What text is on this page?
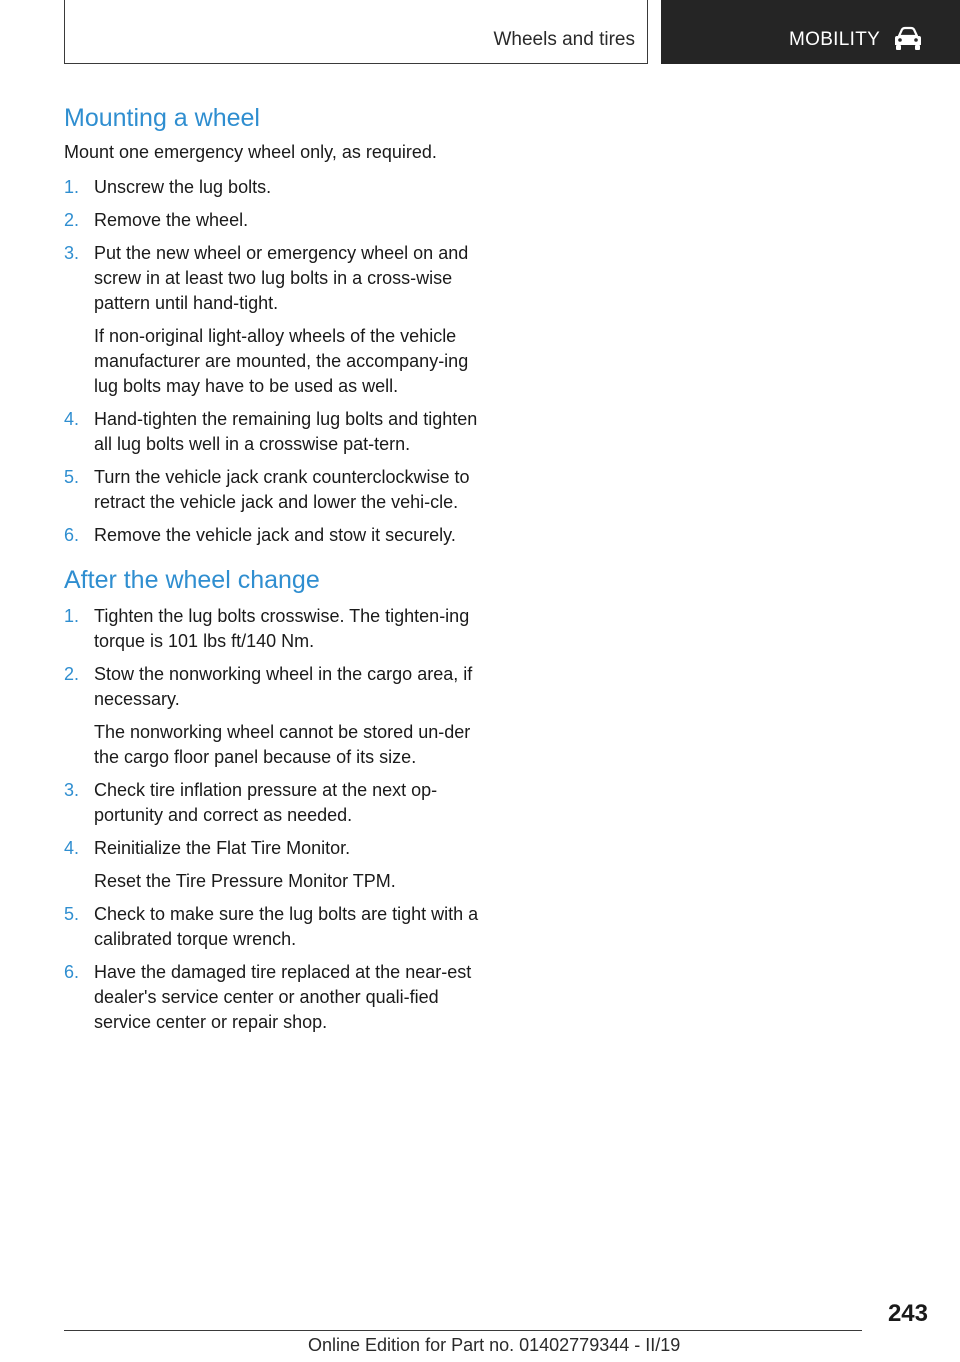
Wheels and tires	MOBILITY
Mounting a wheel

Mount one emergency wheel only, as required.

1. Unscrew the lug bolts.
2. Remove the wheel.
3. Put the new wheel or emergency wheel on and screw in at least two lug bolts in a cross-wise pattern until hand-tight.
If non-original light-alloy wheels of the vehicle manufacturer are mounted, the accompany-ing lug bolts may have to be used as well.
4. Hand-tighten the remaining lug bolts and tighten all lug bolts well in a crosswise pat-tern.
5. Turn the vehicle jack crank counterclockwise to retract the vehicle jack and lower the vehi-cle.
6. Remove the vehicle jack and stow it securely.
After the wheel change
1. Tighten the lug bolts crosswise. The tighten-ing torque is 101 lbs ft/140 Nm.
2. Stow the nonworking wheel in the cargo area, if necessary.
The nonworking wheel cannot be stored un-der the cargo floor panel because of its size.
3. Check tire inflation pressure at the next op-portunity and correct as needed.
4. Reinitialize the Flat Tire Monitor.
Reset the Tire Pressure Monitor TPM.
5. Check to make sure the lug bolts are tight with a calibrated torque wrench.
6. Have the damaged tire replaced at the near-est dealer's service center or another quali-fied service center or repair shop.
243
Online Edition for Part no. 01402779344 - II/19
